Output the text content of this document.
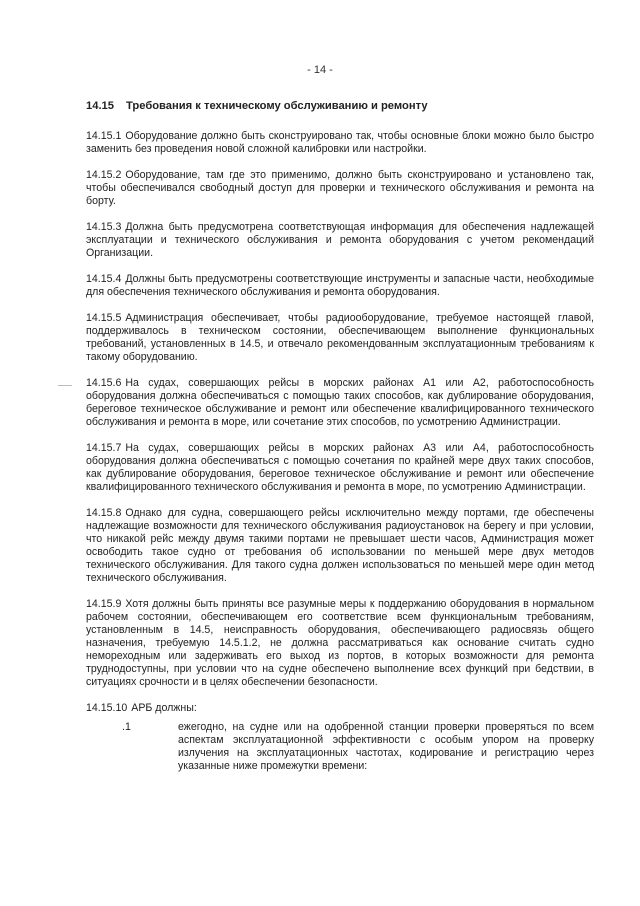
- 14 -
14.15	Требования к техническому обслуживанию и ремонту

14.15.1 Оборудование должно быть сконструировано так, чтобы основные блоки можно было быстро заменить без проведения новой сложной калибровки или настройки.

14.15.2 Оборудование, там где это применимо, должно быть сконструировано и установлено так, чтобы обеспечивался свободный доступ для проверки и технического обслуживания и ремонта на борту.

14.15.3 Должна быть предусмотрена соответствующая информация для обеспечения надлежащей эксплуатации и технического обслуживания и ремонта оборудования с учетом рекомендаций Организации.

14.15.4 Должны быть предусмотрены соответствующие инструменты и запасные части, необходимые для обеспечения технического обслуживания и ремонта оборудования.

14.15.5 Администрация обеспечивает, чтобы радиооборудование, требуемое настоящей главой, поддерживалось в техническом состоянии, обеспечивающем выполнение функциональных требований, установленных в 14.5, и отвечало рекомендованным эксплуатационным требованиям к такому оборудованию.

14.15.6 На судах, совершающих рейсы в морских районах А1 или А2, работоспособность оборудования должна обеспечиваться с помощью таких способов, как дублирование оборудования, береговое техническое обслуживание и ремонт или обеспечение квалифицированного технического обслуживания и ремонта в море, или сочетание этих способов, по усмотрению Администрации.

14.15.7 На судах, совершающих рейсы в морских районах А3 или А4, работоспособность оборудования должна обеспечиваться с помощью сочетания по крайней мере двух таких способов, как дублирование оборудования, береговое техническое обслуживание и ремонт или обеспечение квалифицированного технического обслуживания и ремонта в море, по усмотрению Администрации.

14.15.8 Однако для судна, совершающего рейсы исключительно между портами, где обеспечены надлежащие возможности для технического обслуживания радиоустановок на берегу и при условии, что никакой рейс между двумя такими портами не превышает шести часов, Администрация может освободить такое судно от требования об использовании по меньшей мере двух методов технического обслуживания. Для такого судна должен использоваться по меньшей мере один метод технического обслуживания.

14.15.9 Хотя должны быть приняты все разумные меры к поддержанию оборудования в нормальном рабочем состоянии, обеспечивающем его соответствие всем функциональным требованиям, установленным в 14.5, неисправность оборудования, обеспечивающего радиосвязь общего назначения, требуемую 14.5.1.2, не должна рассматриваться как основание считать судно немореходным или задерживать его выход из портов, в которых возможности для ремонта труднодоступны, при условии что на судне обеспечено выполнение всех функций при бедствии, в ситуациях срочности и в целях обеспечении безопасности.

14.15.10 АРБ должны:

.1	ежегодно, на судне или на одобренной станции проверки проверяться по всем аспектам эксплуатационной эффективности с особым упором на проверку излучения на эксплуатационных частотах, кодирование и регистрацию через указанные ниже промежутки времени:
